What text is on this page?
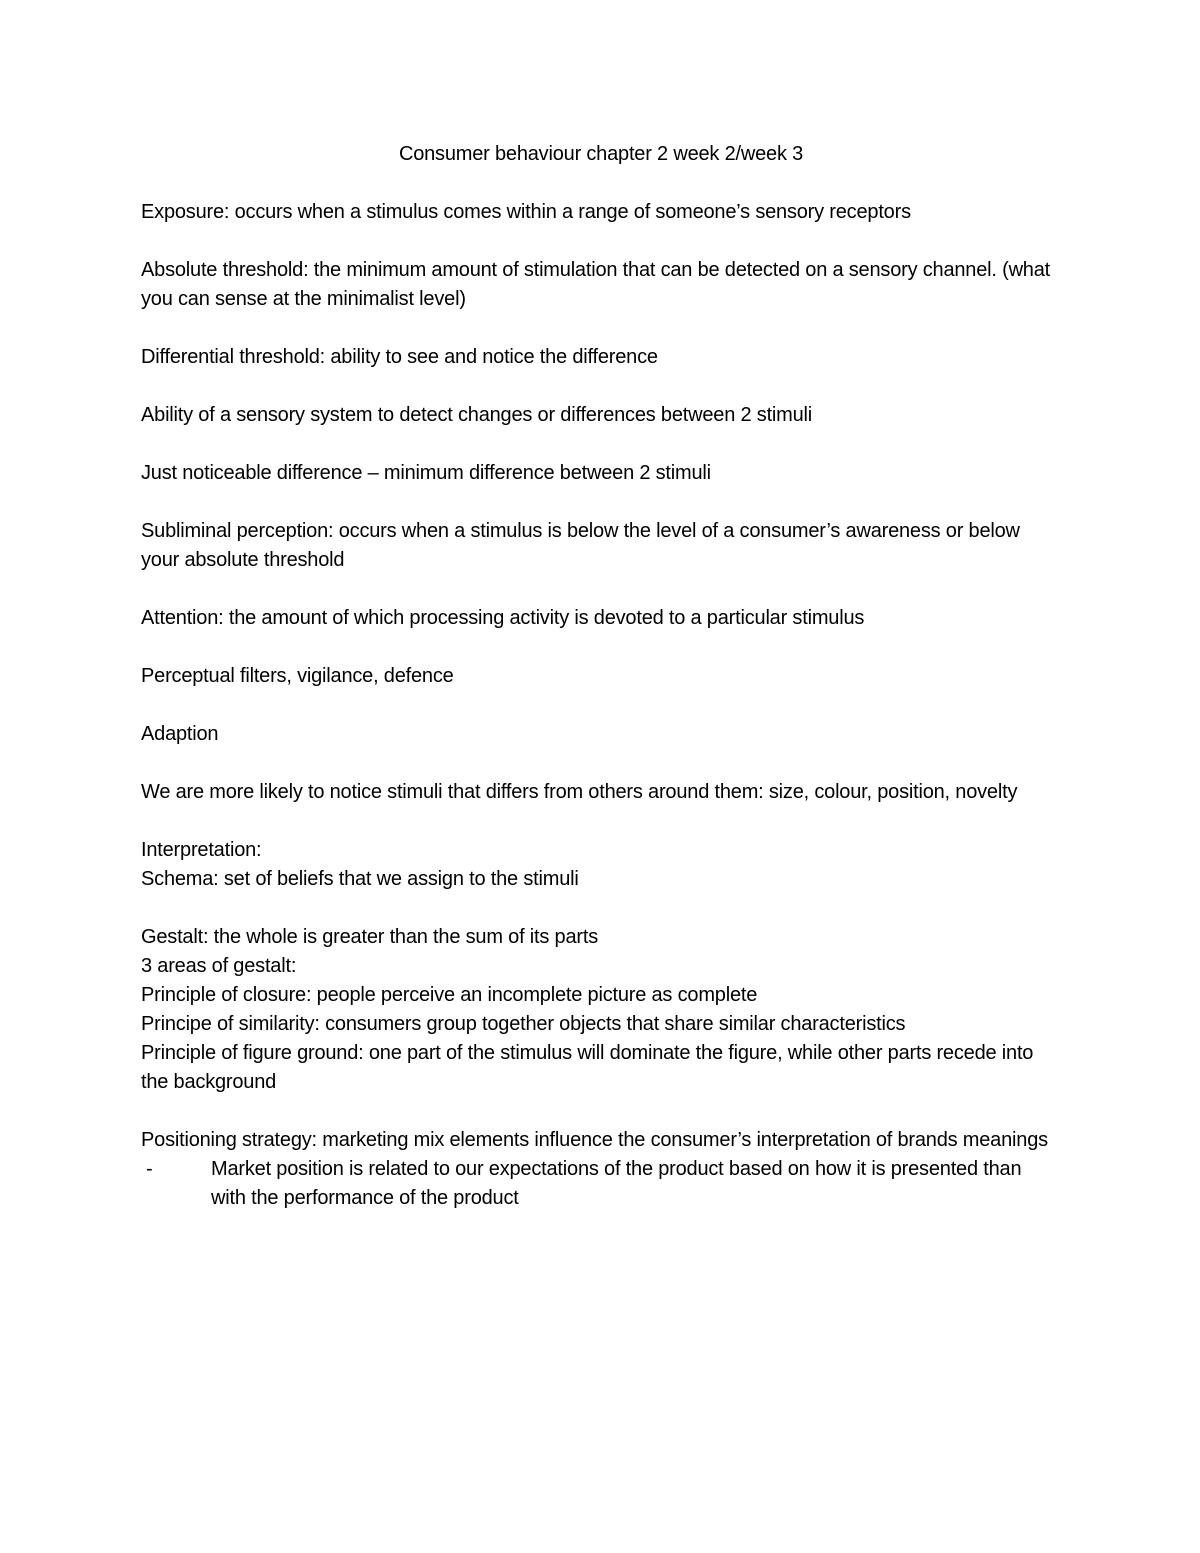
Consumer behaviour chapter 2 week 2/week 3
Exposure: occurs when a stimulus comes within a range of someone’s sensory receptors
Absolute threshold: the minimum amount of stimulation that can be detected on a sensory channel. (what you can sense at the minimalist level)
Differential threshold: ability to see and notice the difference
Ability of a sensory system to detect changes or differences between 2 stimuli
Just noticeable difference – minimum difference between 2 stimuli
Subliminal perception: occurs when a stimulus is below the level of a consumer’s awareness or below your absolute threshold
Attention: the amount of which processing activity is devoted to a particular stimulus
Perceptual filters, vigilance, defence
Adaption
We are more likely to notice stimuli that differs from others around them: size, colour, position, novelty
Interpretation:
Schema: set of beliefs that we assign to the stimuli
Gestalt: the whole is greater than the sum of its parts
3 areas of gestalt:
Principle of closure: people perceive an incomplete picture as complete
Principe of similarity: consumers group together objects that share similar characteristics
Principle of figure ground: one part of the stimulus will dominate the figure, while other parts recede into the background
Positioning strategy: marketing mix elements influence the consumer’s interpretation of brands meanings
-	Market position is related to our expectations of the product based on how it is presented than with the performance of the product
